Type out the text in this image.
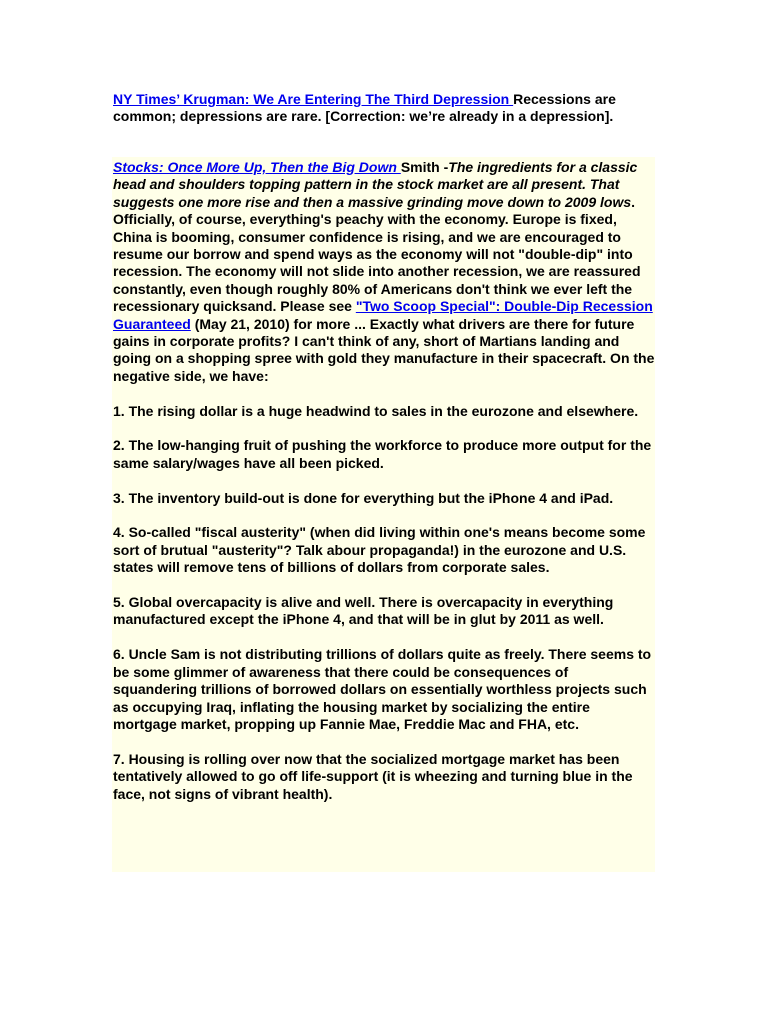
NY Times’ Krugman: We Are Entering The Third Depression Recessions are common; depressions are rare. [Correction: we’re already in a depression].

Stocks: Once More Up, Then the Big Down Smith -The ingredients for a classic head and shoulders topping pattern in the stock market are all present. That suggests one more rise and then a massive grinding move down to 2009 lows. Officially, of course, everything's peachy with the economy. Europe is fixed, China is booming, consumer confidence is rising, and we are encouraged to resume our borrow and spend ways as the economy will not "double-dip" into recession. The economy will not slide into another recession, we are reassured constantly, even though roughly 80% of Americans don't think we ever left the recessionary quicksand. Please see "Two Scoop Special": Double-Dip Recession Guaranteed (May 21, 2010) for more ... Exactly what drivers are there for future gains in corporate profits? I can't think of any, short of Martians landing and going on a shopping spree with gold they manufacture in their spacecraft. On the negative side, we have:

1. The rising dollar is a huge headwind to sales in the eurozone and elsewhere.

2. The low-hanging fruit of pushing the workforce to produce more output for the same salary/wages have all been picked.

3. The inventory build-out is done for everything but the iPhone 4 and iPad.

4. So-called "fiscal austerity" (when did living within one's means become some sort of brutual "austerity"? Talk abour propaganda!) in the eurozone and U.S. states will remove tens of billions of dollars from corporate sales.

5. Global overcapacity is alive and well. There is overcapacity in everything manufactured except the iPhone 4, and that will be in glut by 2011 as well.

6. Uncle Sam is not distributing trillions of dollars quite as freely. There seems to be some glimmer of awareness that there could be consequences of squandering trillions of borrowed dollars on essentially worthless projects such as occupying Iraq, inflating the housing market by socializing the entire mortgage market, propping up Fannie Mae, Freddie Mac and FHA, etc.

7. Housing is rolling over now that the socialized mortgage market has been tentatively allowed to go off life-support (it is wheezing and turning blue in the face, not signs of vibrant health).
